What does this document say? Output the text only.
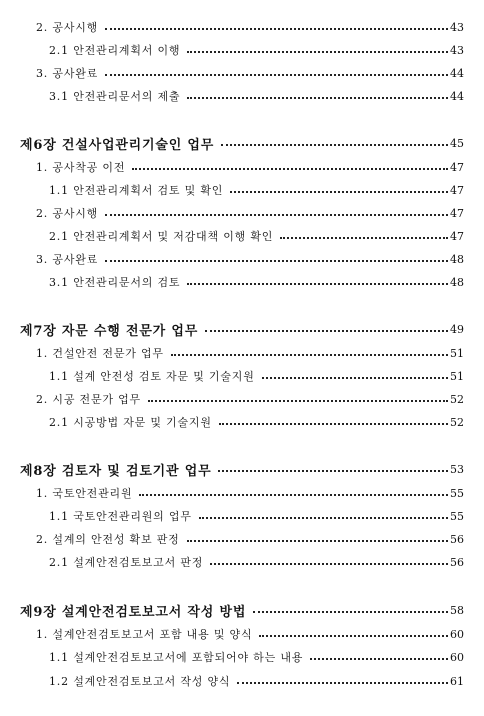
2. 공사시행	43
2.1 안전관리계획서 이행	43
3. 공사완료	44
3.1 안전관리문서의 제출	44
제6장 건설사업관리기술인 업무	45
1. 공사착공 이전	47
1.1 안전관리계획서 검토 및 확인	47
2. 공사시행	47
2.1 안전관리계획서 및 저감대책 이행 확인	47
3. 공사완료	48
3.1 안전관리문서의 검토	48
제7장 자문 수행 전문가 업무	49
1. 건설안전 전문가 업무	51
1.1 설계 안전성 검토 자문 및 기술지원	51
2. 시공 전문가 업무	52
2.1 시공방법 자문 및 기술지원	52
제8장 검토자 및 검토기관 업무	53
1. 국토안전관리원	55
1.1 국토안전관리원의 업무	55
2. 설계의 안전성 확보 판정	56
2.1 설계안전검토보고서 판정	56
제9장 설계안전검토보고서 작성 방법	58
1. 설계안전검토보고서 포함 내용 및 양식	60
1.1 설계안전검토보고서에 포함되어야 하는 내용	60
1.2 설계안전검토보고서 작성 양식	61
